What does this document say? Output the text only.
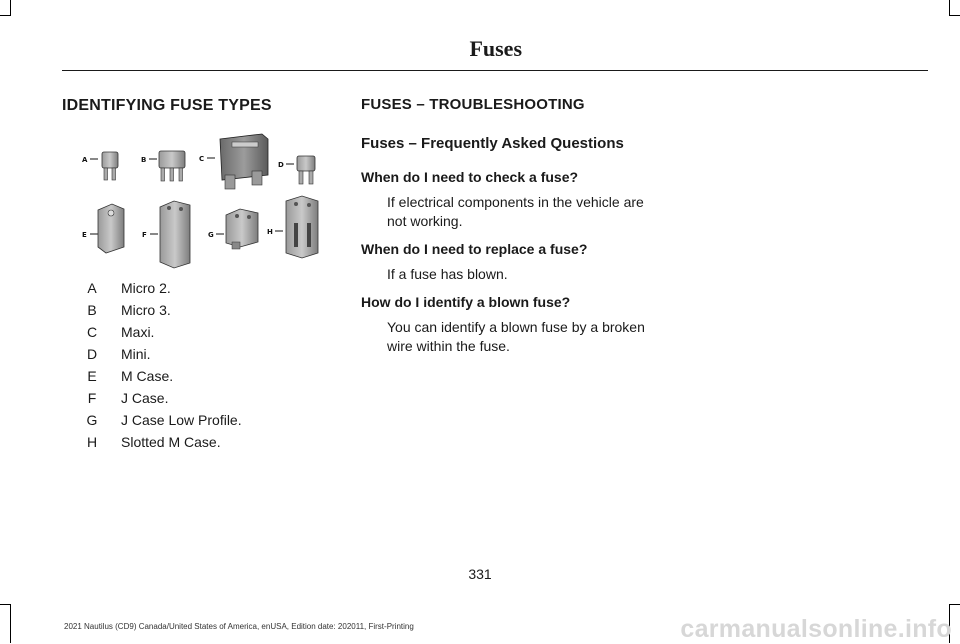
Fuses
IDENTIFYING FUSE TYPES
A	B	C
D
E	F	G	H
A Micro 2.
B Micro 3.
C Maxi.
D Mini.
E M Case.
F J Case.
G J Case Low Profile.
H Slotted M Case.
FUSES – TROUBLESHOOTING
Fuses – Frequently Asked Questions
When do I need to check a fuse?
If electrical components in the vehicle are not working.
When do I need to replace a fuse?
If a fuse has blown.
How do I identify a blown fuse?
You can identify a blown fuse by a broken wire within the fuse.
331
2021 Nautilus (CD9) Canada/United States of America, enUSA, Edition date: 202011, First-Printing	carmanualsonline.info
